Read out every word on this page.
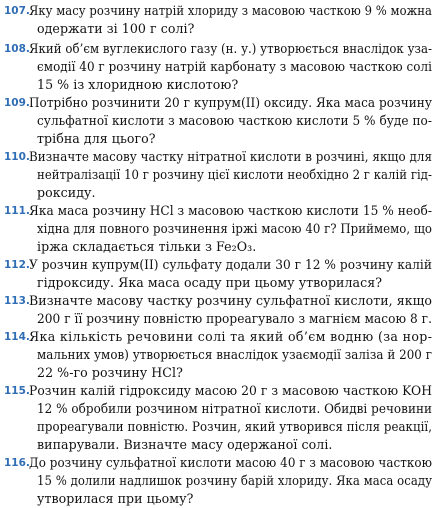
107. Яку масу розчину натрій хлориду з масовою часткою 9 % можна
одержати зі 100 г солі?
108. Який об’єм вуглекислого газу (н. у.) утворюється внаслідок уза-
ємодії 40 г розчину натрій карбонату з масовою часткою солі
15 % із хлоридною кислотою?
109. Потрібно розчинити 20 г купрум(ІІ) оксиду. Яка маса розчину
сульфатної кислоти з масовою часткою кислоти 5 % буде по-
трібна для цього?
110. Визначте масову частку нітратної кислоти в розчині, якщо для
нейтралізації 10 г розчину цієї кислоти необхідно 2 г калій гід-
роксиду.
111. Яка маса розчину HCl з масовою часткою кислоти 15 % необ-
хідна для повного розчинення іржі масою 40 г? Приймемо, що
іржа складається тільки з Fe₂O₃.
112. У розчин купрум(ІІ) сульфату додали 30 г 12 % розчину калій
гідроксиду. Яка маса осаду при цьому утворилася?
113. Визначте масову частку розчину сульфатної кислоти, якщо
200 г її розчину повністю прореагувало з магнієм масою 8 г.
114. Яка кількість речовини солі та який об’єм водню (за нор-
мальних умов) утворюється внаслідок узаємодії заліза й 200 г
22 %-го розчину HCl?
115. Розчин калій гідроксиду масою 20 г з масовою часткою KOH
12 % обробили розчином нітратної кислоти. Обидві речовини
прореагували повністю. Розчин, який утворився після реакції,
випарували. Визначте масу одержаної солі.
116. До розчину сульфатної кислоти масою 40 г з масовою часткою
15 % долили надлишок розчину барій хлориду. Яка маса осаду
утворилася при цьому?
